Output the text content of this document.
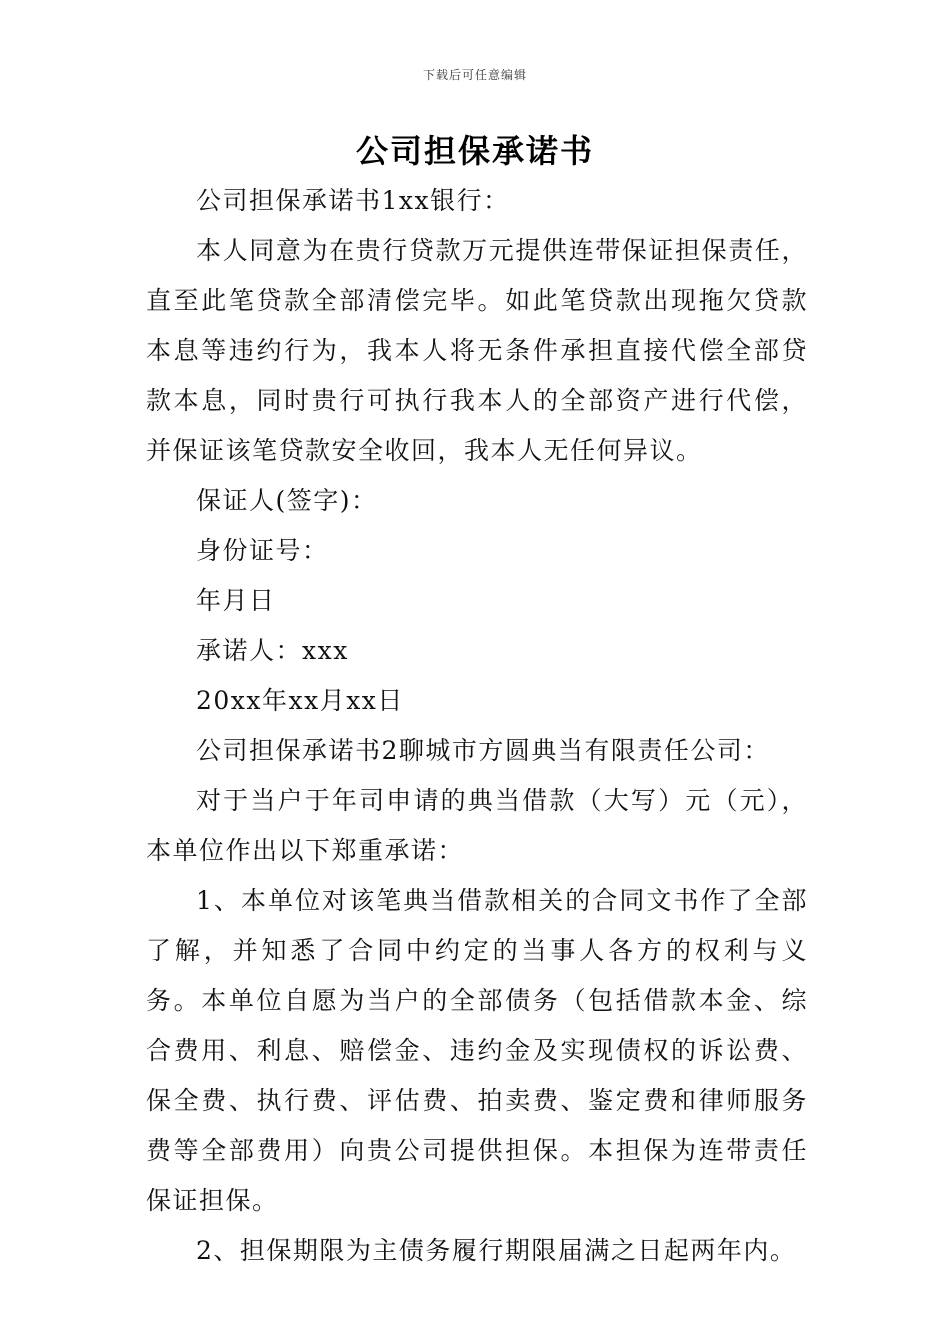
下载后可任意编辑
公司担保承诺书

公司担保承诺书1xx银行：

本人同意为在贵行贷款万元提供连带保证担保责任，直至此笔贷款全部清偿完毕。如此笔贷款出现拖欠贷款本息等违约行为，我本人将无条件承担直接代偿全部贷款本息，同时贵行可执行我本人的全部资产进行代偿，并保证该笔贷款安全收回，我本人无任何异议。

保证人(签字)：

身份证号：

年月日

承诺人：xxx

20xx年xx月xx日

公司担保承诺书2聊城市方圆典当有限责任公司：

对于当户于年司申请的典当借款（大写）元（元），本单位作出以下郑重承诺：

1、本单位对该笔典当借款相关的合同文书作了全部了解，并知悉了合同中约定的当事人各方的权利与义务。本单位自愿为当户的全部债务（包括借款本金、综合费用、利息、赔偿金、违约金及实现债权的诉讼费、保全费、执行费、评估费、拍卖费、鉴定费和律师服务费等全部费用）向贵公司提供担保。本担保为连带责任保证担保。

2、担保期限为主债务履行期限届满之日起两年内。
